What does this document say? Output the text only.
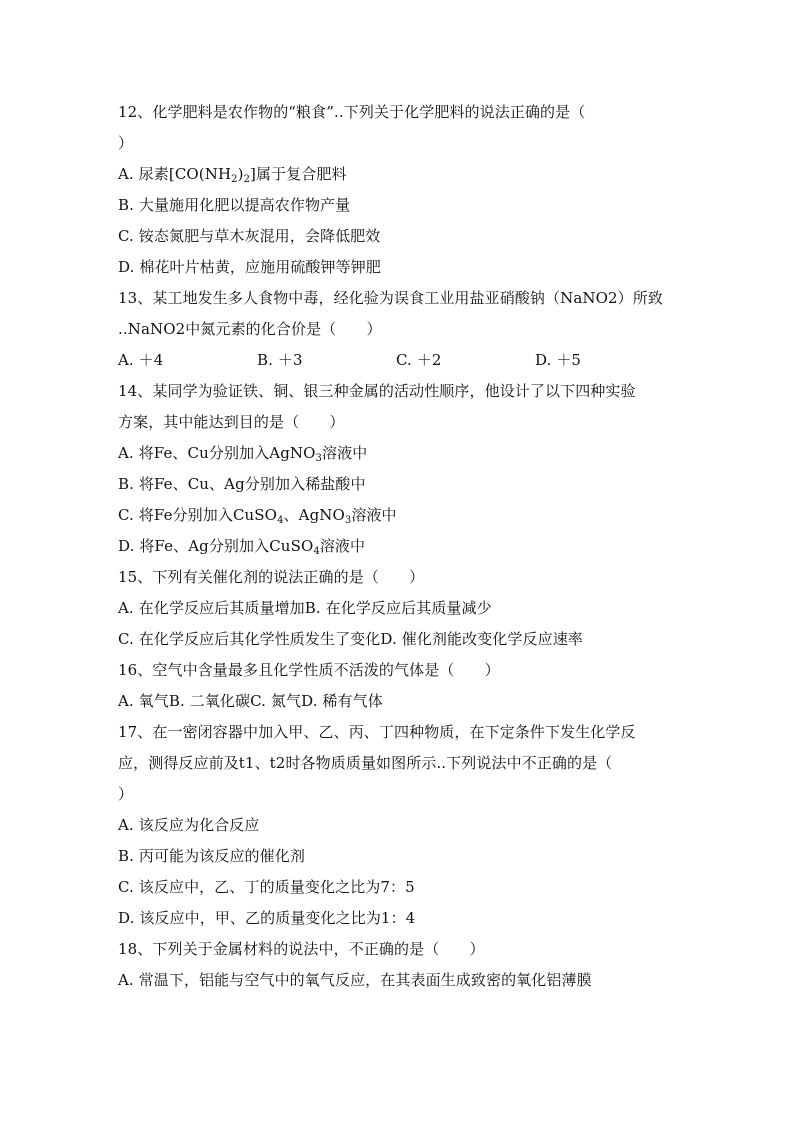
12、化学肥料是农作物的“粮食”..下列关于化学肥料的说法正确的是（
）
A. 尿素$[CO(NH_2)_2]$属于复合肥料
B. 大量施用化肥以提高农作物产量
C. 铵态氮肥与草木灰混用，会降低肥效
D. 棉花叶片枯黄，应施用硫酸钾等钾肥
13、某工地发生多人食物中毒，经化验为误食工业用盐亚硝酸钠（NaNO2）所致
..NaNO2中氮元素的化合价是（　　）
A. ＋4	B. ＋3	C. ＋2	D. ＋5
14、某同学为验证铁、铜、银三种金属的活动性顺序，他设计了以下四种实验
方案，其中能达到目的是（　　）
A. 将Fe、Cu分别加入AgNO$_3$溶液中
B. 将Fe、Cu、Ag分别加入稀盐酸中
C. 将Fe分别加入CuSO$_4$、AgNO$_3$溶液中
D. 将Fe、Ag分别加入CuSO$_4$溶液中
15、下列有关催化剂的说法正确的是（　　）
A. 在化学反应后其质量增加B. 在化学反应后其质量减少
C. 在化学反应后其化学性质发生了变化D. 催化剂能改变化学反应速率
16、空气中含量最多且化学性质不活泼的气体是（　　）
A. 氧气B. 二氧化碳C. 氮气D. 稀有气体
17、在一密闭容器中加入甲、乙、丙、丁四种物质，在下定条件下发生化学反
应，测得反应前及t1、t2时各物质质量如图所示..下列说法中不正确的是（
）
A. 该反应为化合反应
B. 丙可能为该反应的催化剂
C. 该反应中，乙、丁的质量变化之比为7：5
D. 该反应中，甲、乙的质量变化之比为1：4
18、下列关于金属材料的说法中，不正确的是（　　）
A. 常温下，铝能与空气中的氧气反应，在其表面生成致密的氧化铝薄膜
